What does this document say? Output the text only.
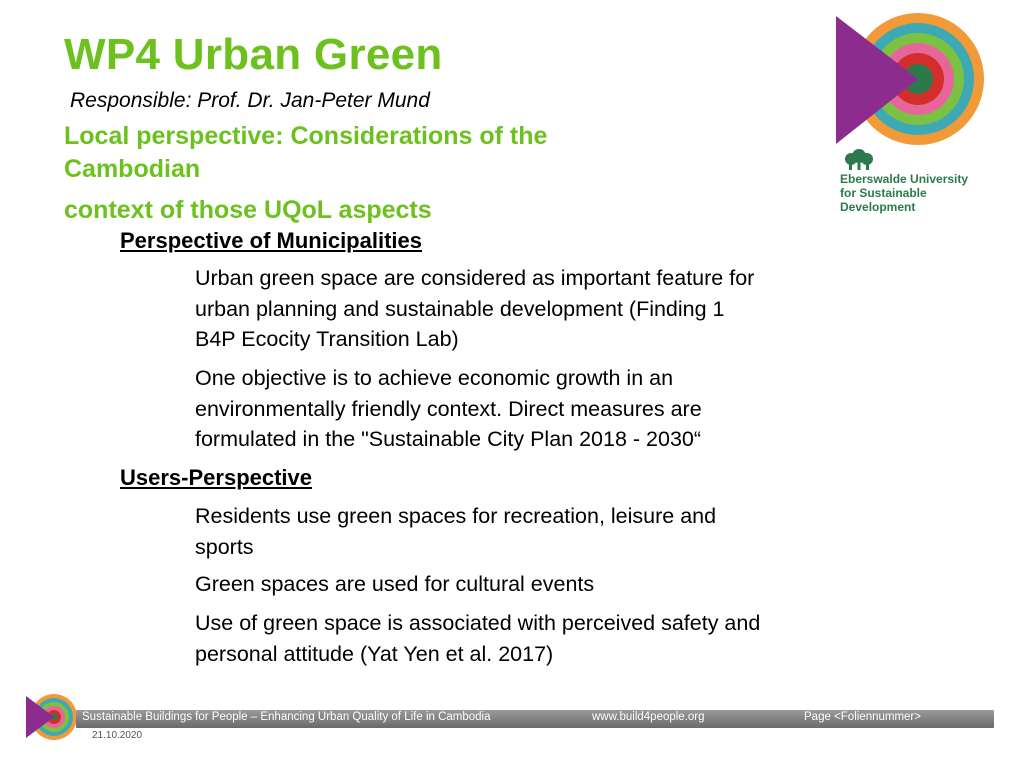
WP4 Urban Green
Responsible: Prof. Dr. Jan-Peter Mund
Local perspective: Considerations of the
Cambodian
context of those UQoL aspects
Eberswalde University
for Sustainable
Development
Perspective of Municipalities
Urban green space are considered as important feature for
urban planning and sustainable development (Finding 1
B4P Ecocity Transition Lab)
One objective is to achieve economic growth in an
environmentally friendly context. Direct measures are
formulated in the "Sustainable City Plan 2018 - 2030“
Users-Perspective
Residents use green spaces for recreation, leisure and
sports
Green spaces are used for cultural events
Use of green space is associated with perceived safety and
personal attitude (Yat Yen et al. 2017)
Sustainable Buildings for People – Enhancing Urban Quality of Life in Cambodia	www.build4people.org	Page <Foliennummer>
21.10.2020
